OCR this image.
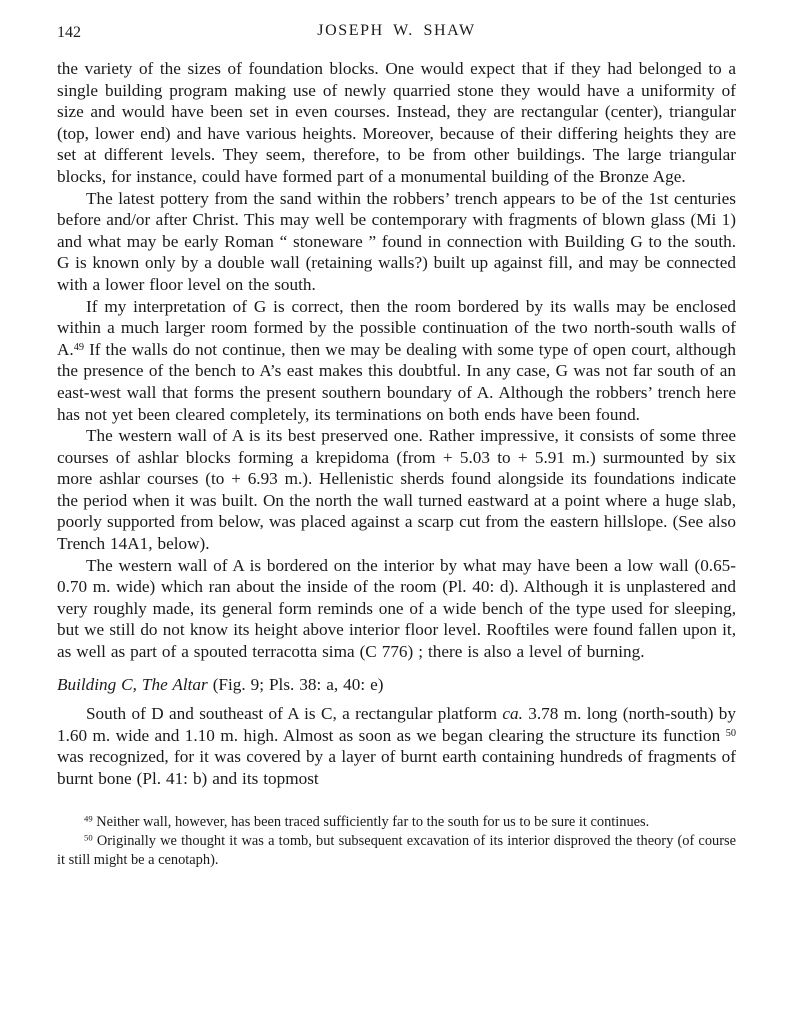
142	JOSEPH W. SHAW

the variety of the sizes of foundation blocks. One would expect that if they had belonged to a single building program making use of newly quarried stone they would have a uniformity of size and would have been set in even courses. Instead, they are rectangular (center), triangular (top, lower end) and have various heights. Moreover, because of their differing heights they are set at different levels. They seem, therefore, to be from other buildings. The large triangular blocks, for instance, could have formed part of a monumental building of the Bronze Age.

The latest pottery from the sand within the robbers’ trench appears to be of the 1st centuries before and/or after Christ. This may well be contemporary with fragments of blown glass (Mi 1) and what may be early Roman “ stoneware ” found in connection with Building G to the south. G is known only by a double wall (retaining walls?) built up against fill, and may be connected with a lower floor level on the south.

If my interpretation of G is correct, then the room bordered by its walls may be enclosed within a much larger room formed by the possible continuation of the two north-south walls of A.$^{49}$ If the walls do not continue, then we may be dealing with some type of open court, although the presence of the bench to A’s east makes this doubtful. In any case, G was not far south of an east-west wall that forms the present southern boundary of A. Although the robbers’ trench here has not yet been cleared completely, its terminations on both ends have been found.

The western wall of A is its best preserved one. Rather impressive, it consists of some three courses of ashlar blocks forming a krepidoma (from + 5.03 to + 5.91 m.) surmounted by six more ashlar courses (to + 6.93 m.). Hellenistic sherds found alongside its foundations indicate the period when it was built. On the north the wall turned eastward at a point where a huge slab, poorly supported from below, was placed against a scarp cut from the eastern hillslope. (See also Trench 14A1, below).

The western wall of A is bordered on the interior by what may have been a low wall (0.65-0.70 m. wide) which ran about the inside of the room (Pl. 40: d). Although it is unplastered and very roughly made, its general form reminds one of a wide bench of the type used for sleeping, but we still do not know its height above interior floor level. Rooftiles were found fallen upon it, as well as part of a spouted terracotta sima (C 776) ; there is also a level of burning.

Building C, The Altar (Fig. 9; Pls. 38: a, 40: e)

South of D and southeast of A is C, a rectangular platform ca. 3.78 m. long (north-south) by 1.60 m. wide and 1.10 m. high. Almost as soon as we began clearing the structure its function $^{50}$ was recognized, for it was covered by a layer of burnt earth containing hundreds of fragments of burnt bone (Pl. 41: b) and its topmost

$^{49}$ Neither wall, however, has been traced sufficiently far to the south for us to be sure it continues.

$^{50}$ Originally we thought it was a tomb, but subsequent excavation of its interior disproved the theory (of course it still might be a cenotaph).
